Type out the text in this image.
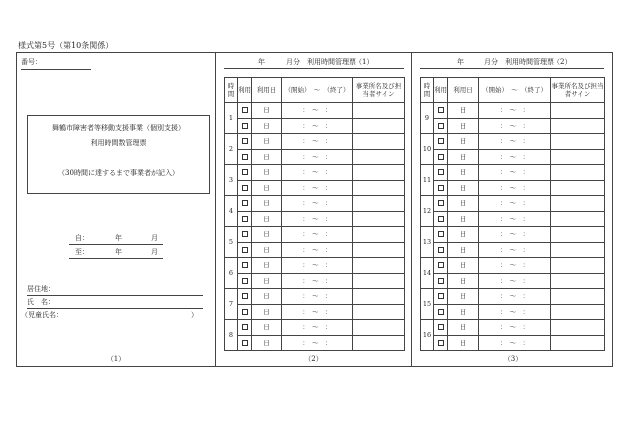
様式第5号（第10条関係）
番号：
舞鶴市障害者等移動支援事業（個別支援）
利用時間数管理票
（30時間に達するまで事業者が記入）
自：	年	月
至：	年	月
居住地：
氏　名：
（児童氏名：	）
（1）
年	月分　利用時間管理票 （1）
時間	利用	利用日	（開始）　～　（終了）	事業所名及び担当者サイン
1		日	：　～　：	
		日	：　～　：	
2		日	：　～　：	
		日	：　～　：	
3		日	：　～　：	
		日	：　～　：	
4		日	：　～　：	
		日	：　～　：	
5		日	：　～　：	
		日	：　～　：	
6		日	：　～　：	
		日	：　～　：	
7		日	：　～　：	
		日	：　～　：	
8		日	：　～　：	
		日	：　～　：	
（2）
年	月分　利用時間管理票 （2）
時間	利用	利用日	（開始）　～　（終了）	事業所名及び担当者サイン
9		日	：　～　：	
		日	：　～　：	
10		日	：　～　：	
		日	：　～　：	
11		日	：　～　：	
		日	：　～　：	
12		日	：　～　：	
		日	：　～　：	
13		日	：　～　：	
		日	：　～　：	
14		日	：　～　：	
		日	：　～　：	
15		日	：　～　：	
		日	：　～　：	
16		日	：　～　：	
		日	：　～　：	
（3）
